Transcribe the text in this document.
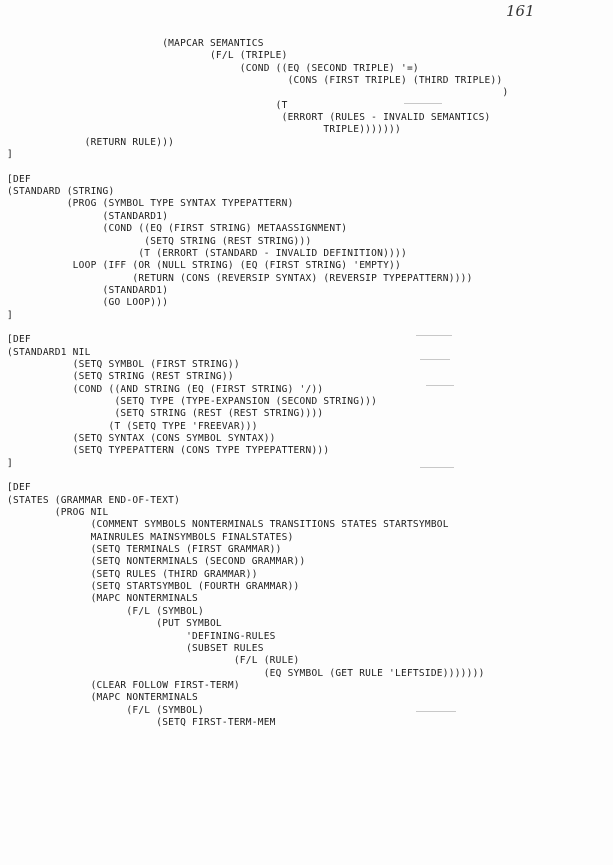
161
(MAPCAR SEMANTICS
(F/L (TRIPLE)
(COND ((EQ (SECOND TRIPLE) '=)
(CONS (FIRST TRIPLE) (THIRD TRIPLE))
)
(T
(ERRORT (RULES - INVALID SEMANTICS)
TRIPLE)))))))
(RETURN RULE)))
]
[DEF
(STANDARD (STRING)
(PROG (SYMBOL TYPE SYNTAX TYPEPATTERN)
(STANDARD1)
(COND ((EQ (FIRST STRING) METAASSIGNMENT)
(SETQ STRING (REST STRING)))
(T (ERRORT (STANDARD - INVALID DEFINITION))))
LOOP (IFF (OR (NULL STRING) (EQ (FIRST STRING) 'EMPTY))
(RETURN (CONS (REVERSIP SYNTAX) (REVERSIP TYPEPATTERN))))
(STANDARD1)
(GO LOOP)))
]
[DEF
(STANDARD1 NIL
(SETQ SYMBOL (FIRST STRING))
(SETQ STRING (REST STRING))
(COND ((AND STRING (EQ (FIRST STRING) '/))
(SETQ TYPE (TYPE-EXPANSION (SECOND STRING)))
(SETQ STRING (REST (REST STRING))))
(T (SETQ TYPE 'FREEVAR)))
(SETQ SYNTAX (CONS SYMBOL SYNTAX))
(SETQ TYPEPATTERN (CONS TYPE TYPEPATTERN)))
]
[DEF
(STATES (GRAMMAR END-OF-TEXT)
(PROG NIL
(COMMENT SYMBOLS NONTERMINALS TRANSITIONS STATES STARTSYMBOL
MAINRULES MAINSYMBOLS FINALSTATES)
(SETQ TERMINALS (FIRST GRAMMAR))
(SETQ NONTERMINALS (SECOND GRAMMAR))
(SETQ RULES (THIRD GRAMMAR))
(SETQ STARTSYMBOL (FOURTH GRAMMAR))
(MAPC NONTERMINALS
(F/L (SYMBOL)
(PUT SYMBOL
'DEFINING-RULES
(SUBSET RULES
(F/L (RULE)
(EQ SYMBOL (GET RULE 'LEFTSIDE)))))))
(CLEAR FOLLOW FIRST-TERM)
(MAPC NONTERMINALS
(F/L (SYMBOL)
(SETQ FIRST-TERM-MEM
